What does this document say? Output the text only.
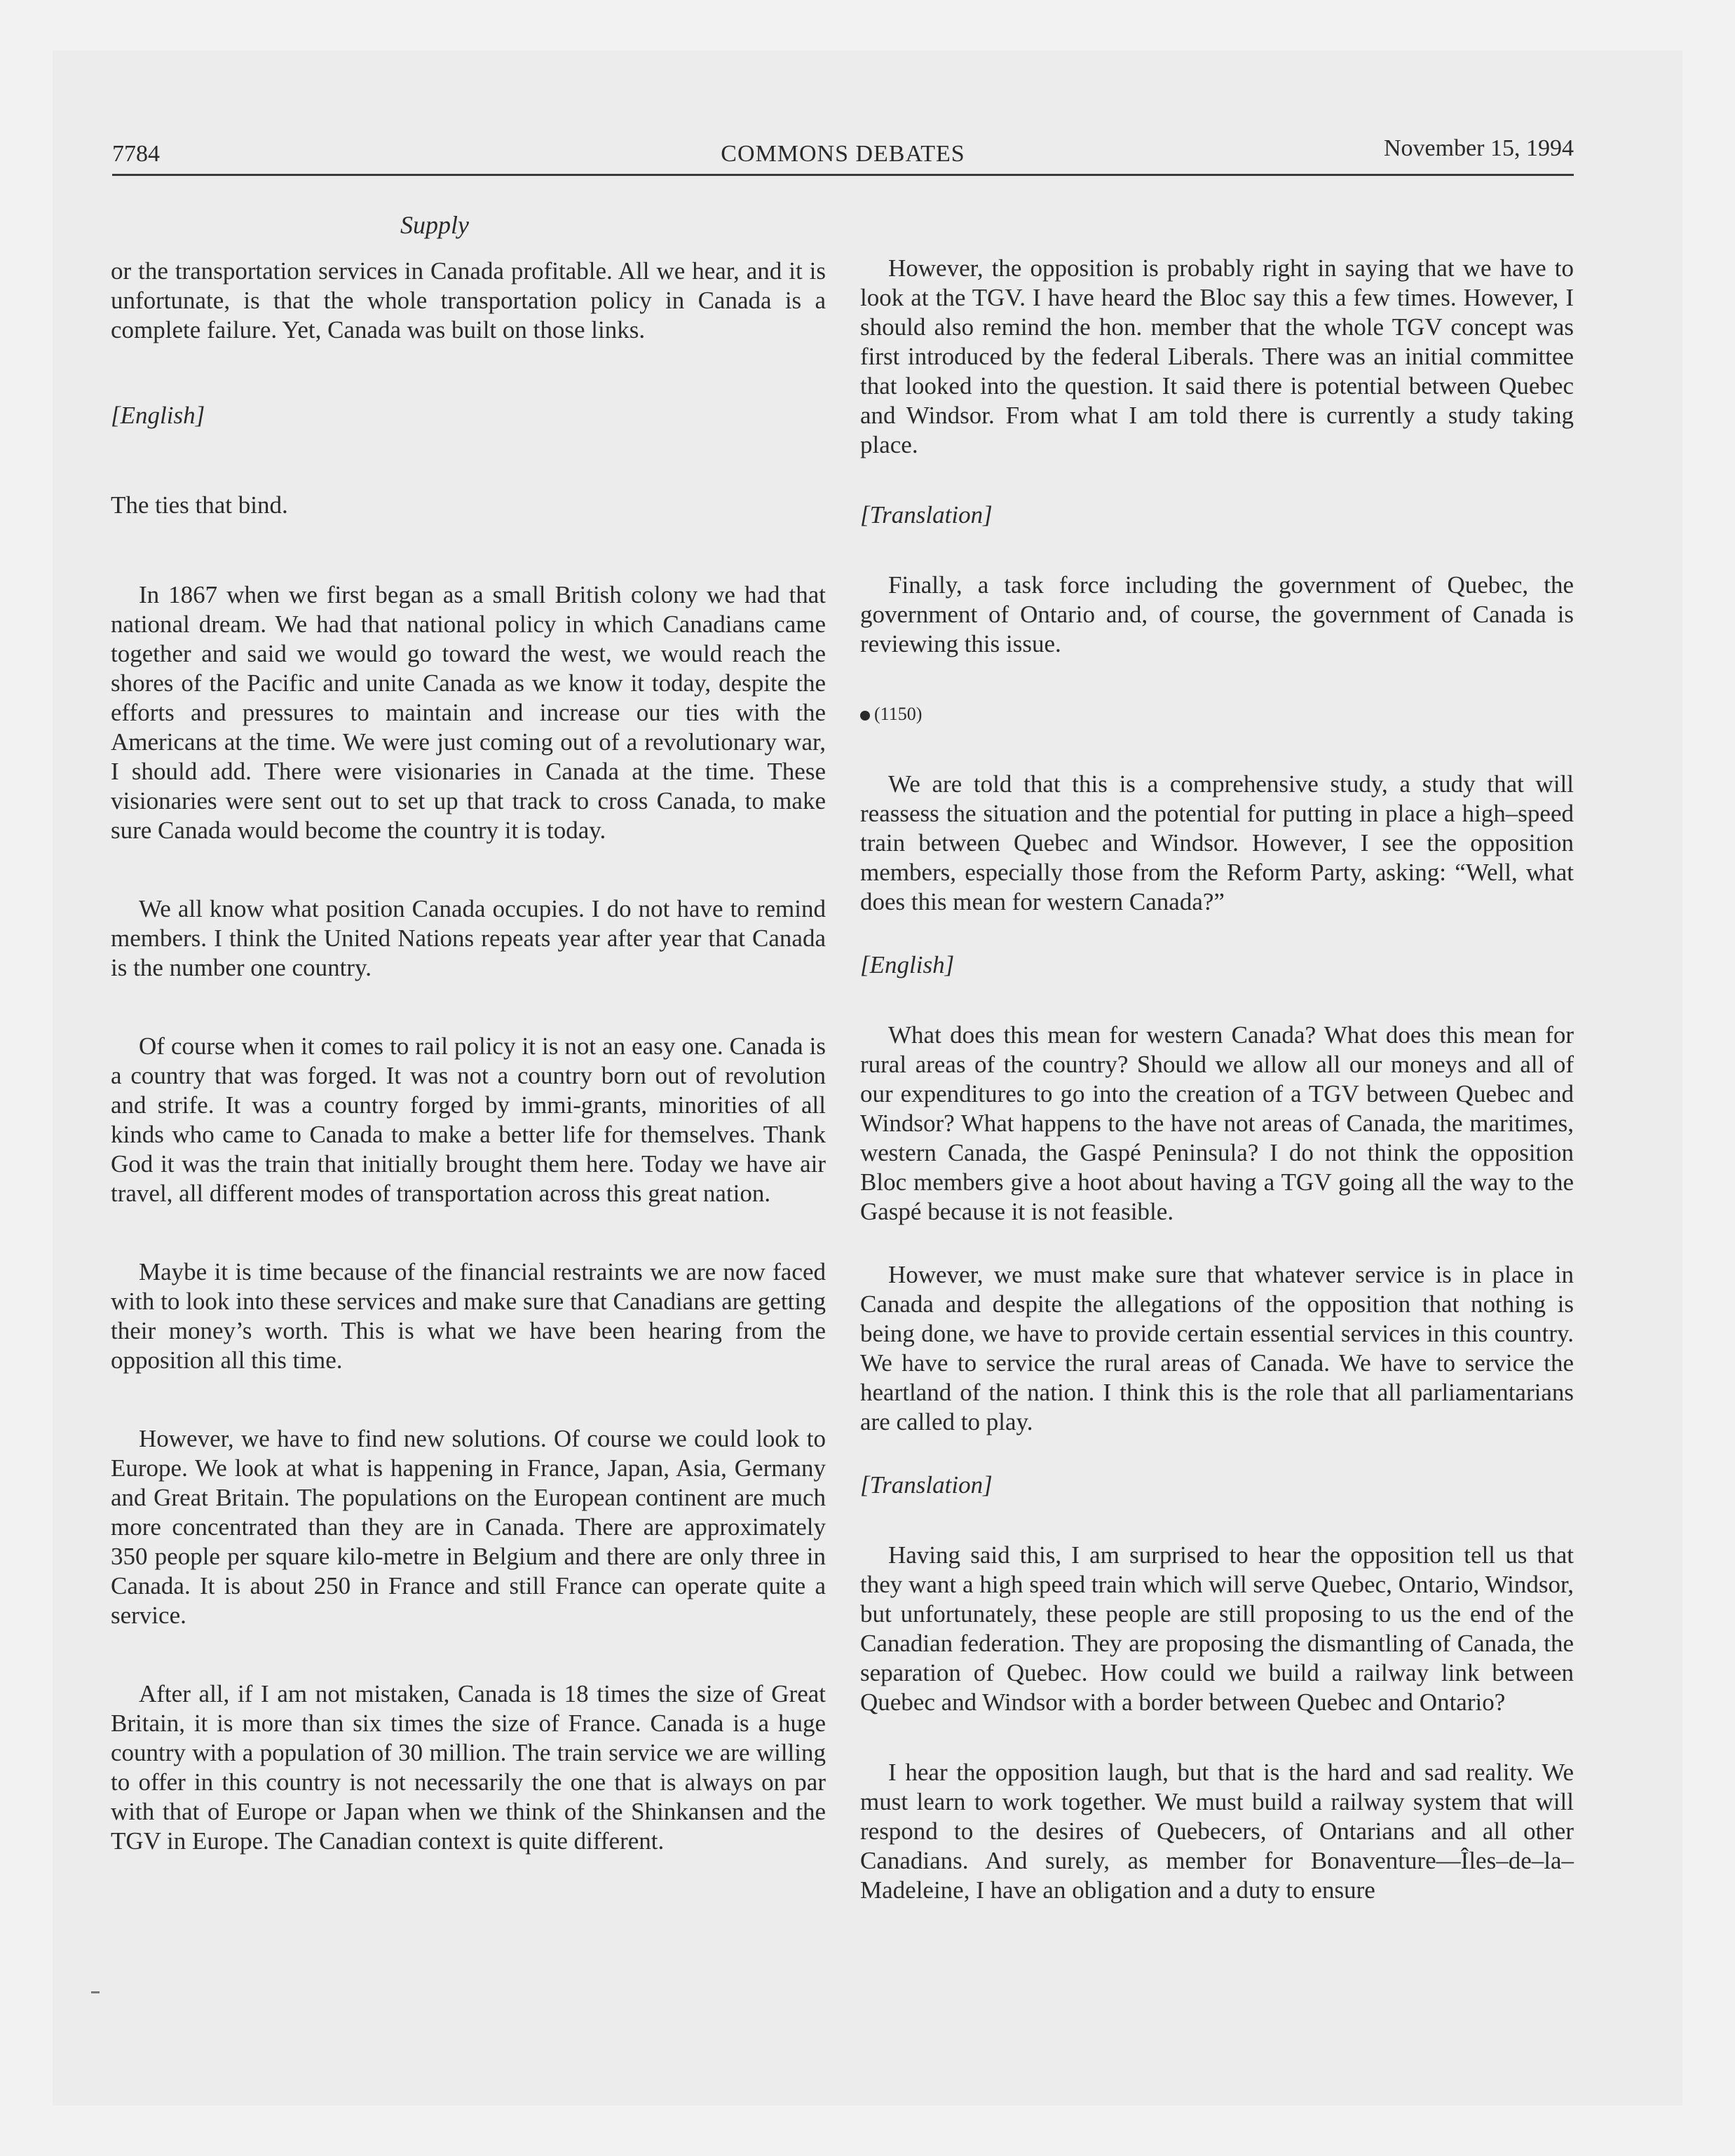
7784	COMMONS DEBATES	November 15, 1994
Supply

or the transportation services in Canada profitable. All we hear, and it is unfortunate, is that the whole transportation policy in Canada is a complete failure. Yet, Canada was built on those links.

[English]

The ties that bind.

In 1867 when we first began as a small British colony we had that national dream. We had that national policy in which Canadians came together and said we would go toward the west, we would reach the shores of the Pacific and unite Canada as we know it today, despite the efforts and pressures to maintain and increase our ties with the Americans at the time. We were just coming out of a revolutionary war, I should add. There were visionaries in Canada at the time. These visionaries were sent out to set up that track to cross Canada, to make sure Canada would become the country it is today.

We all know what position Canada occupies. I do not have to remind members. I think the United Nations repeats year after year that Canada is the number one country.

Of course when it comes to rail policy it is not an easy one. Canada is a country that was forged. It was not a country born out of revolution and strife. It was a country forged by immi-grants, minorities of all kinds who came to Canada to make a better life for themselves. Thank God it was the train that initially brought them here. Today we have air travel, all different modes of transportation across this great nation.

Maybe it is time because of the financial restraints we are now faced with to look into these services and make sure that Canadians are getting their money’s worth. This is what we have been hearing from the opposition all this time.

However, we have to find new solutions. Of course we could look to Europe. We look at what is happening in France, Japan, Asia, Germany and Great Britain. The populations on the European continent are much more concentrated than they are in Canada. There are approximately 350 people per square kilo-metre in Belgium and there are only three in Canada. It is about 250 in France and still France can operate quite a service.

After all, if I am not mistaken, Canada is 18 times the size of Great Britain, it is more than six times the size of France. Canada is a huge country with a population of 30 million. The train service we are willing to offer in this country is not necessarily the one that is always on par with that of Europe or Japan when we think of the Shinkansen and the TGV in Europe. The Canadian context is quite different.

However, the opposition is probably right in saying that we have to look at the TGV. I have heard the Bloc say this a few times. However, I should also remind the hon. member that the whole TGV concept was first introduced by the federal Liberals. There was an initial committee that looked into the question. It said there is potential between Quebec and Windsor. From what I am told there is currently a study taking place.

[Translation]

Finally, a task force including the government of Quebec, the government of Ontario and, of course, the government of Canada is reviewing this issue.

(1150)

We are told that this is a comprehensive study, a study that will reassess the situation and the potential for putting in place a high–speed train between Quebec and Windsor. However, I see the opposition members, especially those from the Reform Party, asking: “Well, what does this mean for western Canada?”

[English]

What does this mean for western Canada? What does this mean for rural areas of the country? Should we allow all our moneys and all of our expenditures to go into the creation of a TGV between Quebec and Windsor? What happens to the have not areas of Canada, the maritimes, western Canada, the Gaspé Peninsula? I do not think the opposition Bloc members give a hoot about having a TGV going all the way to the Gaspé because it is not feasible.

However, we must make sure that whatever service is in place in Canada and despite the allegations of the opposition that nothing is being done, we have to provide certain essential services in this country. We have to service the rural areas of Canada. We have to service the heartland of the nation. I think this is the role that all parliamentarians are called to play.

[Translation]

Having said this, I am surprised to hear the opposition tell us that they want a high speed train which will serve Quebec, Ontario, Windsor, but unfortunately, these people are still proposing to us the end of the Canadian federation. They are proposing the dismantling of Canada, the separation of Quebec. How could we build a railway link between Quebec and Windsor with a border between Quebec and Ontario?

I hear the opposition laugh, but that is the hard and sad reality. We must learn to work together. We must build a railway system that will respond to the desires of Quebecers, of Ontarians and all other Canadians. And surely, as member for Bonaventure—Îles–de–la–Madeleine, I have an obligation and a duty to ensure
